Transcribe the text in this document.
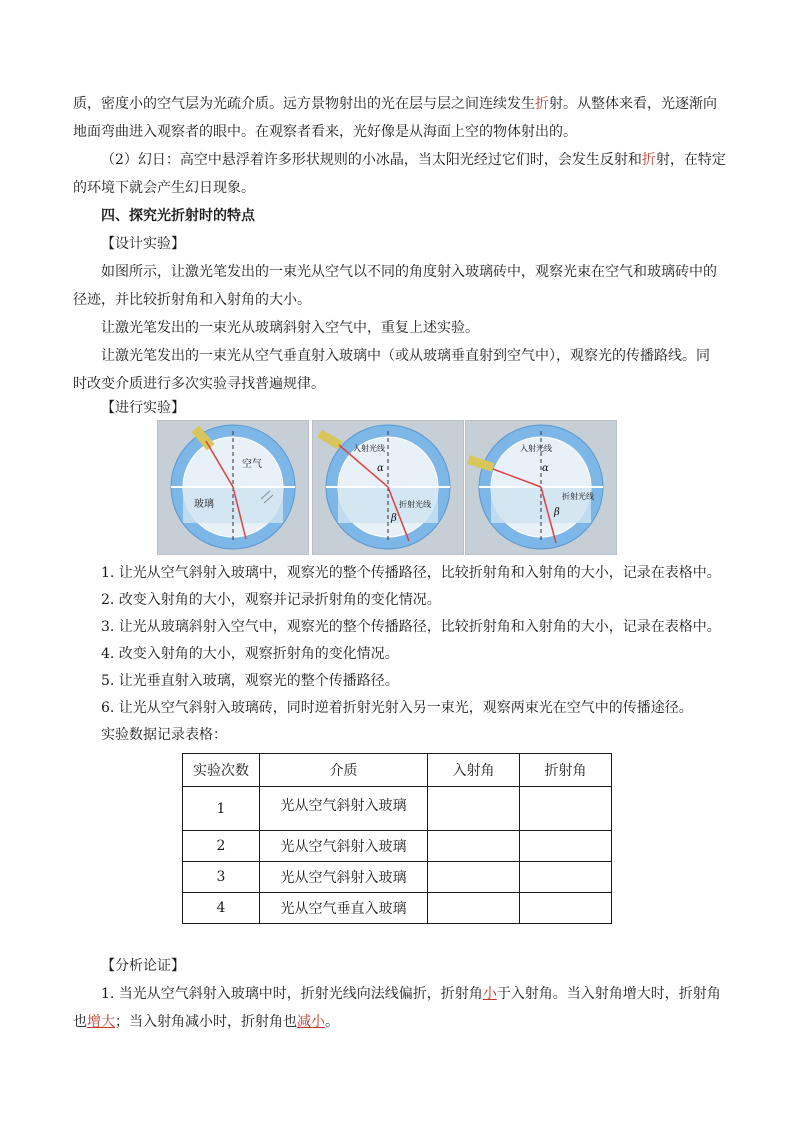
质，密度小的空气层为光疏介质。远方景物射出的光在层与层之间连续发生折射。从整体来看，光逐渐向

地面弯曲进入观察者的眼中。在观察者看来，光好像是从海面上空的物体射出的。

（2）幻日：高空中悬浮着许多形状规则的小冰晶，当太阳光经过它们时，会发生反射和折射，在特定

的环境下就会产生幻日现象。

四、探究光折射时的特点

【设计实验】

如图所示，让激光笔发出的一束光从空气以不同的角度射入玻璃砖中，观察光束在空气和玻璃砖中的

径迹，并比较折射角和入射角的大小。

让激光笔发出的一束光从玻璃斜射入空气中，重复上述实验。

让激光笔发出的一束光从空气垂直射入玻璃中（或从玻璃垂直射到空气中），观察光的传播路线。同

时改变介质进行多次实验寻找普遍规律。

【进行实验】

空气
玻璃
入射光线
折射光线
α
β
入射光线
折射光线
α
β

1. 让光从空气斜射入玻璃中，观察光的整个传播路径，比较折射角和入射角的大小，记录在表格中。

2. 改变入射角的大小，观察并记录折射角的变化情况。

3. 让光从玻璃斜射入空气中，观察光的整个传播路径，比较折射角和入射角的大小，记录在表格中。

4. 改变入射角的大小，观察折射角的变化情况。

5. 让光垂直射入玻璃，观察光的整个传播路径。

6. 让光从空气斜射入玻璃砖，同时逆着折射光射入另一束光，观察两束光在空气中的传播途径。

实验数据记录表格：

实验次数	介质	入射角	折射角

1	光从空气斜射入玻璃		

2	光从空气斜射入玻璃		
3	光从空气斜射入玻璃		
4	光从空气垂直入玻璃		

【分析论证】

1. 当光从空气斜射入玻璃中时，折射光线向法线偏折，折射角小于入射角。当入射角增大时，折射角

也增大；当入射角减小时，折射角也减小。
